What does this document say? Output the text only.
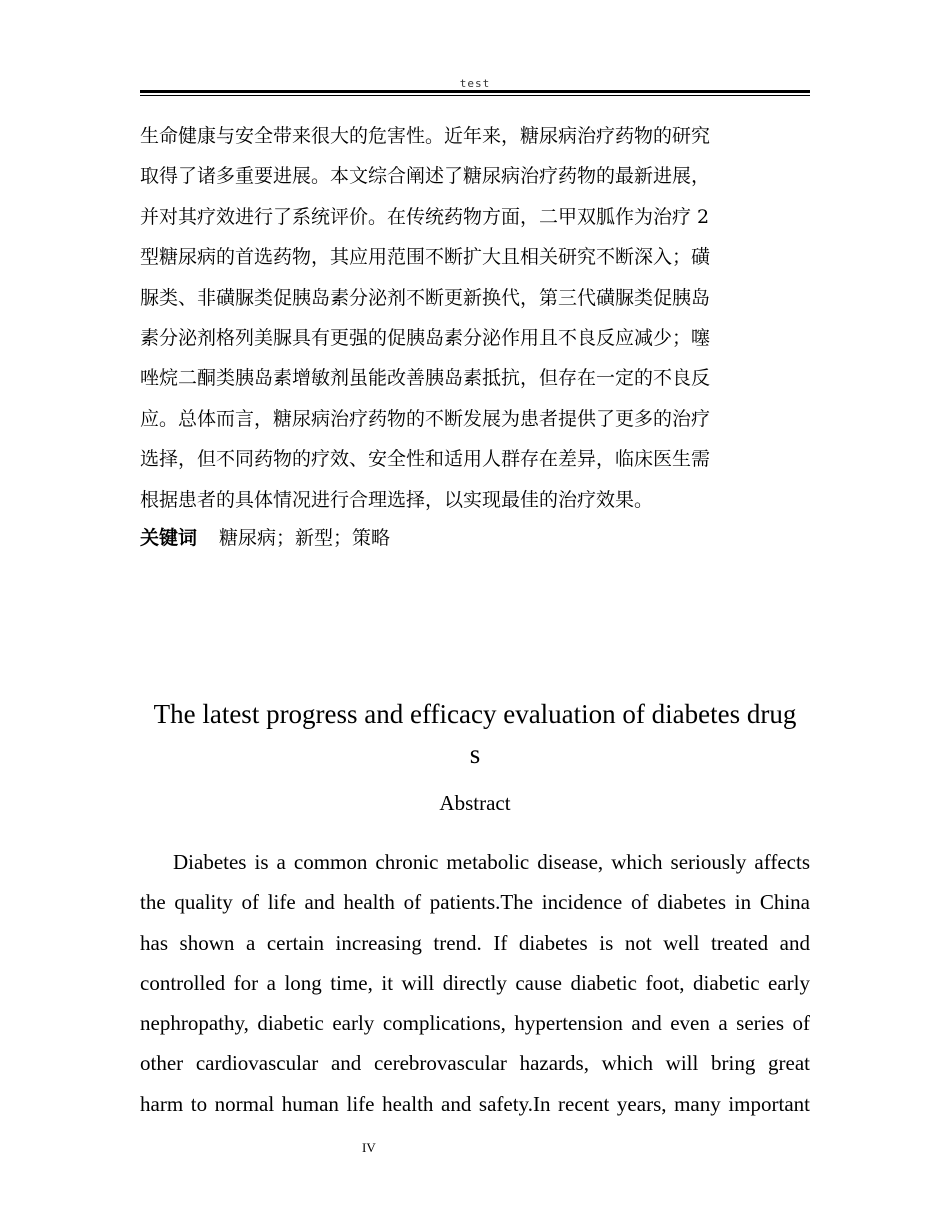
test
生命健康与安全带来很大的危害性。近年来，糖尿病治疗药物的研究
取得了诸多重要进展。本文综合阐述了糖尿病治疗药物的最新进展，
并对其疗效进行了系统评价。在传统药物方面，二甲双胍作为治疗 2
型糖尿病的首选药物，其应用范围不断扩大且相关研究不断深入；磺
脲类、非磺脲类促胰岛素分泌剂不断更新换代，第三代磺脲类促胰岛
素分泌剂格列美脲具有更强的促胰岛素分泌作用且不良反应减少；噻
唑烷二酮类胰岛素增敏剂虽能改善胰岛素抵抗，但存在一定的不良反
应。总体而言，糖尿病治疗药物的不断发展为患者提供了更多的治疗
选择，但不同药物的疗效、安全性和适用人群存在差异，临床医生需
根据患者的具体情况进行合理选择，以实现最佳的治疗效果。
关键词 糖尿病；新型；策略
The latest progress and efficacy evaluation of diabetes drug
s
Abstract
Diabetes is a common chronic metabolic disease, which seriously affects
the quality of life and health of patients.The incidence of diabetes in China
has shown a certain increasing trend. If diabetes is not well treated and
controlled for a long time, it will directly cause diabetic foot, diabetic early
nephropathy, diabetic early complications, hypertension and even a series of
other cardiovascular and cerebrovascular hazards, which will bring great
harm to normal human life health and safety.In recent years, many important
IV
